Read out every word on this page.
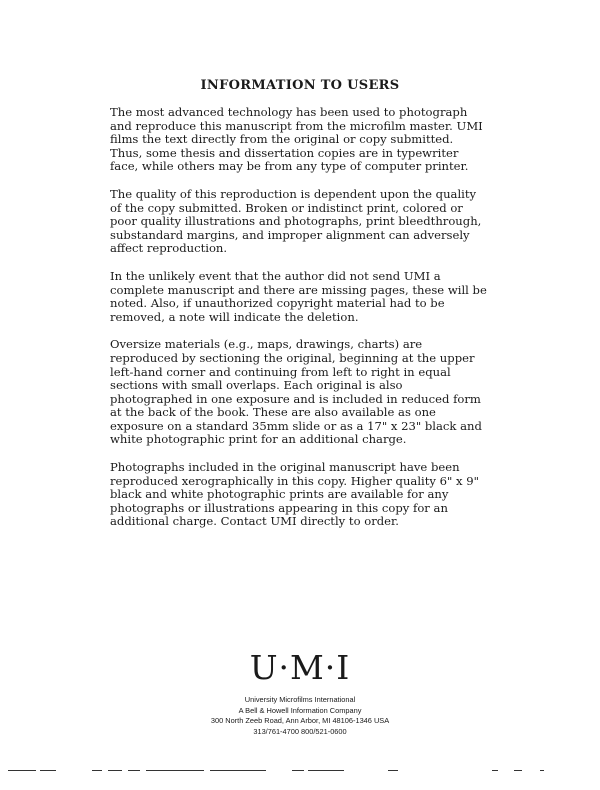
INFORMATION TO USERS

The most advanced technology has been used to photograph and reproduce this manuscript from the microfilm master. UMI films the text directly from the original or copy submitted. Thus, some thesis and dissertation copies are in typewriter face, while others may be from any type of computer printer.

The quality of this reproduction is dependent upon the quality of the copy submitted. Broken or indistinct print, colored or poor quality illustrations and photographs, print bleedthrough, substandard margins, and improper alignment can adversely affect reproduction.

In the unlikely event that the author did not send UMI a complete manuscript and there are missing pages, these will be noted. Also, if unauthorized copyright material had to be removed, a note will indicate the deletion.

Oversize materials (e.g., maps, drawings, charts) are reproduced by sectioning the original, beginning at the upper left-hand corner and continuing from left to right in equal sections with small overlaps. Each original is also photographed in one exposure and is included in reduced form at the back of the book. These are also available as one exposure on a standard 35mm slide or as a 17" x 23" black and white photographic print for an additional charge.

Photographs included in the original manuscript have been reproduced xerographically in this copy. Higher quality 6" x 9" black and white photographic prints are available for any photographs or illustrations appearing in this copy for an additional charge. Contact UMI directly to order.

U·M·I
University Microfilms International
A Bell & Howell Information Company
300 North Zeeb Road, Ann Arbor, MI 48106-1346 USA
313/761-4700 800/521-0600
